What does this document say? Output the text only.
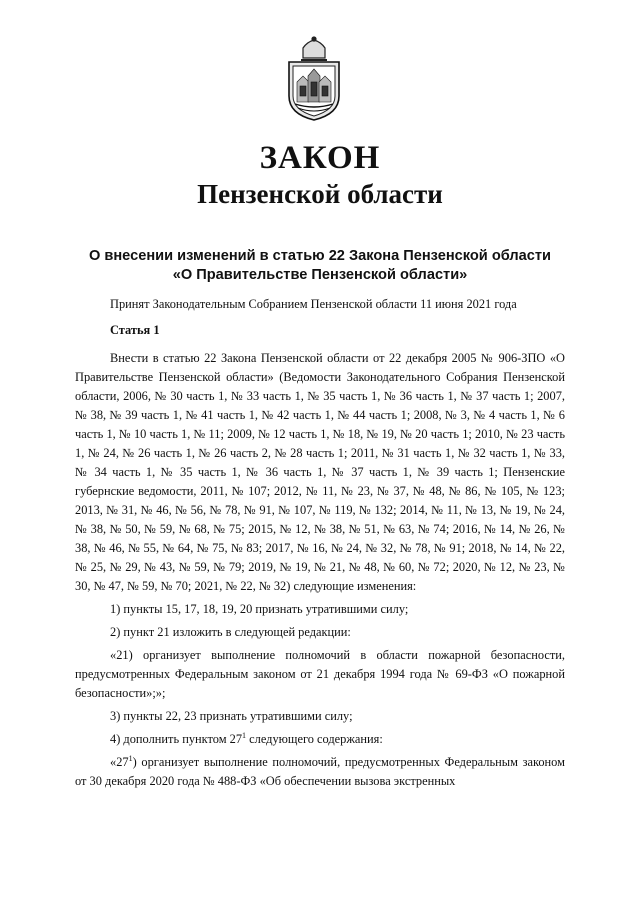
ЗАКОН
Пензенской области
О внесении изменений в статью 22 Закона Пензенской области
«О Правительстве Пензенской области»
Принят Законодательным Собранием Пензенской области 11 июня 2021 года
Статья 1

Внести в статью 22 Закона Пензенской области от 22 декабря 2005 № 906-ЗПО «О Правительстве Пензенской области» (Ведомости Законодательного Собрания Пензенской области, 2006, № 30 часть 1, № 33 часть 1, № 35 часть 1, № 36 часть 1, № 37 часть 1; 2007, № 38, № 39 часть 1, № 41 часть 1, № 42 часть 1, № 44 часть 1; 2008, № 3, № 4 часть 1, № 6 часть 1, № 10 часть 1, № 11; 2009, № 12 часть 1, № 18, № 19, № 20 часть 1; 2010, № 23 часть 1, № 24, № 26 часть 1, № 26 часть 2, № 28 часть 1; 2011, № 31 часть 1, № 32 часть 1, № 33, № 34 часть 1, № 35 часть 1, № 36 часть 1, № 37 часть 1, № 39 часть 1; Пензенские губернские ведомости, 2011, № 107; 2012, № 11, № 23, № 37, № 48, № 86, № 105, № 123; 2013, № 31, № 46, № 56, № 78, № 91, № 107, № 119, № 132; 2014, № 11, № 13, № 19, № 24, № 38, № 50, № 59, № 68, № 75; 2015, № 12, № 38, № 51, № 63, № 74; 2016, № 14, № 26, № 38, № 46, № 55, № 64, № 75, № 83; 2017, № 16, № 24, № 32, № 78, № 91; 2018, № 14, № 22, № 25, № 29, № 43, № 59, № 79; 2019, № 19, № 21, № 48, № 60, № 72; 2020, № 12, № 23, № 30, № 47, № 59, № 70; 2021, № 22, № 32) следующие изменения:

1) пункты 15, 17, 18, 19, 20 признать утратившими силу;

2) пункт 21 изложить в следующей редакции:

«21) организует выполнение полномочий в области пожарной безопасности, предусмотренных Федеральным законом от 21 декабря 1994 года № 69-ФЗ «О пожарной безопасности»;»;

3) пункты 22, 23 признать утратившими силу;

4) дополнить пунктом $27^1$ следующего содержания:

«$27^1$) организует выполнение полномочий, предусмотренных Федеральным законом от 30 декабря 2020 года № 488-ФЗ «Об обеспечении вызова экстренных
